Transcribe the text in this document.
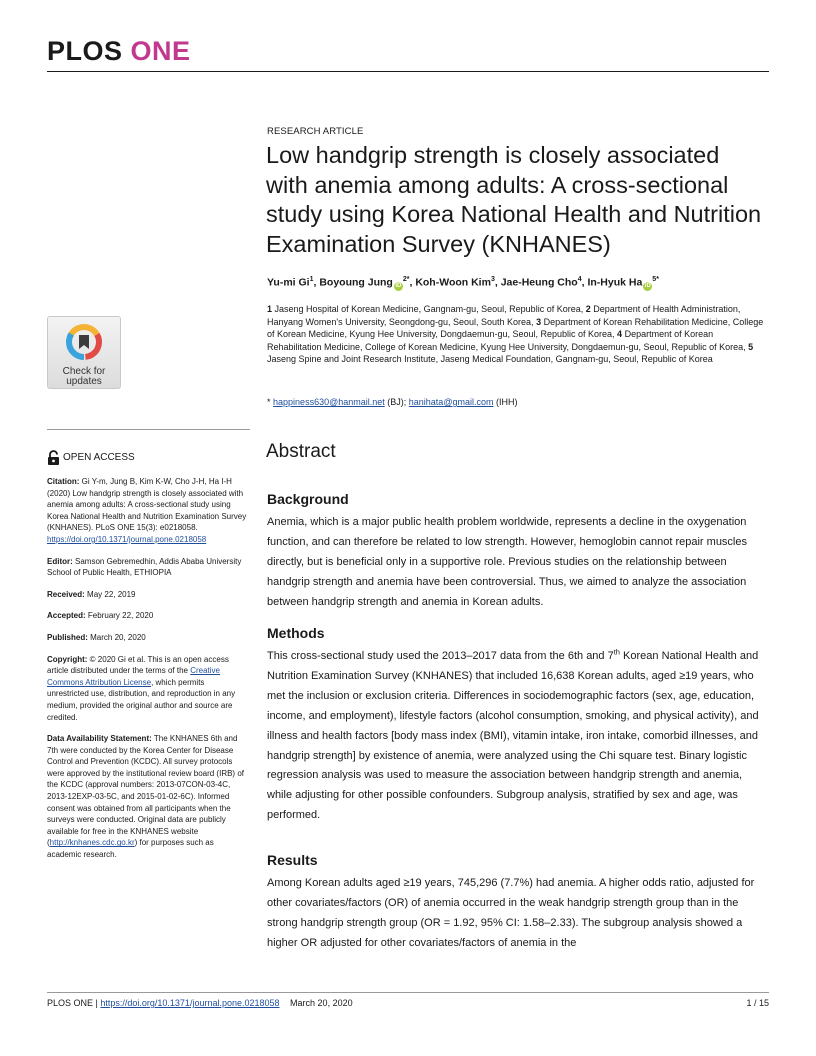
PLOS ONE
RESEARCH ARTICLE
Low handgrip strength is closely associated with anemia among adults: A cross-sectional study using Korea National Health and Nutrition Examination Survey (KNHANES)
Yu-mi Gi$^1$, Boyoung Jung $iD^{2*}$, Koh-Woon Kim$^3$, Jae-Heung Cho$^4$, In-Hyuk Ha $iD^{5*}$
1 Jaseng Hospital of Korean Medicine, Gangnam-gu, Seoul, Republic of Korea, 2 Department of Health Administration, Hanyang Women's University, Seongdong-gu, Seoul, South Korea, 3 Department of Korean Rehabilitation Medicine, College of Korean Medicine, Kyung Hee University, Dongdaemun-gu, Seoul, Republic of Korea, 4 Department of Korean Rehabilitation Medicine, College of Korean Medicine, Kyung Hee University, Dongdaemun-gu, Seoul, Republic of Korea, 5 Jaseng Spine and Joint Research Institute, Jaseng Medical Foundation, Gangnam-gu, Seoul, Republic of Korea
* happiness630@hanmail.net (BJ); hanihata@gmail.com (IHH)
Check for
updates
OPEN ACCESS

Citation: Gi Y-m, Jung B, Kim K-W, Cho J-H, Ha I-H (2020) Low handgrip strength is closely associated with anemia among adults: A cross-sectional study using Korea National Health and Nutrition Examination Survey (KNHANES). PLoS ONE 15(3): e0218058. https://doi.org/10.1371/journal.pone.0218058

Editor: Samson Gebremedhin, Addis Ababa University School of Public Health, ETHIOPIA

Received: May 22, 2019

Accepted: February 22, 2020

Published: March 20, 2020

Copyright: © 2020 Gi et al. This is an open access article distributed under the terms of the Creative Commons Attribution License, which permits unrestricted use, distribution, and reproduction in any medium, provided the original author and source are credited.

Data Availability Statement: The KNHANES 6th and 7th were conducted by the Korea Center for Disease Control and Prevention (KCDC). All survey protocols were approved by the institutional review board (IRB) of the KCDC (approval numbers: 2013-07CON-03-4C, 2013-12EXP-03-5C, and 2015-01-02-6C). Informed consent was obtained from all participants when the surveys were conducted. Original data are publicly available for free in the KNHANES website (http://knhanes.cdc.go.kr) for purposes such as academic research.

Abstract
Background
Anemia, which is a major public health problem worldwide, represents a decline in the oxygenation function, and can therefore be related to low strength. However, hemoglobin cannot repair muscles directly, but is beneficial only in a supportive role. Previous studies on the relationship between handgrip strength and anemia have been controversial. Thus, we aimed to analyze the association between handgrip strength and anemia in Korean adults.
Methods
This cross-sectional study used the 2013–2017 data from the 6th and 7th Korean National Health and Nutrition Examination Survey (KNHANES) that included 16,638 Korean adults, aged ≥19 years, who met the inclusion or exclusion criteria. Differences in sociodemographic factors (sex, age, education, income, and employment), lifestyle factors (alcohol consumption, smoking, and physical activity), and illness and health factors [body mass index (BMI), vitamin intake, iron intake, comorbid illnesses, and handgrip strength] by existence of anemia, were analyzed using the Chi square test. Binary logistic regression analysis was used to measure the association between handgrip strength and anemia, while adjusting for other possible confounders. Subgroup analysis, stratified by sex and age, was performed.
Results
Among Korean adults aged ≥19 years, 745,296 (7.7%) had anemia. A higher odds ratio, adjusted for other covariates/factors (OR) of anemia occurred in the weak handgrip strength group than in the strong handgrip strength group (OR = 1.92, 95% CI: 1.58–2.33). The subgroup analysis showed a higher OR adjusted for other covariates/factors of anemia in the
PLOS ONE | https://doi.org/10.1371/journal.pone.0218058 March 20, 2020	1 / 15
